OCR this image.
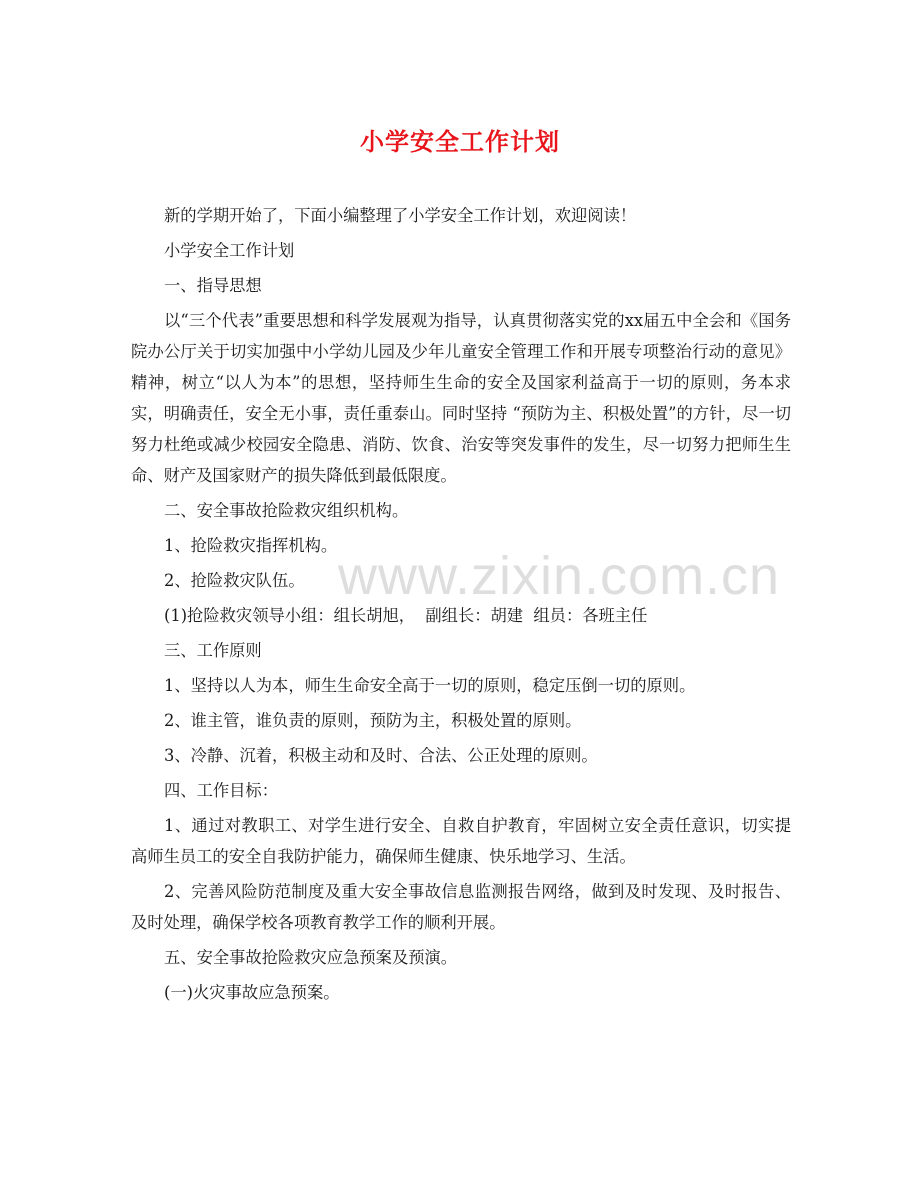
小学安全工作计划

新的学期开始了，下面小编整理了小学安全工作计划，欢迎阅读！

小学安全工作计划

一、指导思想

以“三个代表”重要思想和科学发展观为指导，认真贯彻落实党的xx届五中全会和《国务院办公厅关于切实加强中小学幼儿园及少年儿童安全管理工作和开展专项整治行动的意见》精神，树立“以人为本”的思想，坚持师生生命的安全及国家利益高于一切的原则，务本求实，明确责任，安全无小事，责任重泰山。同时坚持 “预防为主、积极处置”的方针，尽一切努力杜绝或减少校园安全隐患、消防、饮食、治安等突发事件的发生，尽一切努力把师生生命、财产及国家财产的损失降低到最低限度。

二、安全事故抢险救灾组织机构。

1、抢险救灾指挥机构。

2、抢险救灾队伍。

(1)抢险救灾领导小组：组长胡旭，  副组长：胡建  组员：各班主任

三、工作原则

1、坚持以人为本，师生生命安全高于一切的原则，稳定压倒一切的原则。

2、谁主管，谁负责的原则，预防为主，积极处置的原则。

3、冷静、沉着，积极主动和及时、合法、公正处理的原则。

四、工作目标：

1、通过对教职工、对学生进行安全、自救自护教育，牢固树立安全责任意识，切实提高师生员工的安全自我防护能力，确保师生健康、快乐地学习、生活。

2、完善风险防范制度及重大安全事故信息监测报告网络，做到及时发现、及时报告、及时处理，确保学校各项教育教学工作的顺利开展。

五、安全事故抢险救灾应急预案及预演。

(一)火灾事故应急预案。

www.zixin.com.cn
